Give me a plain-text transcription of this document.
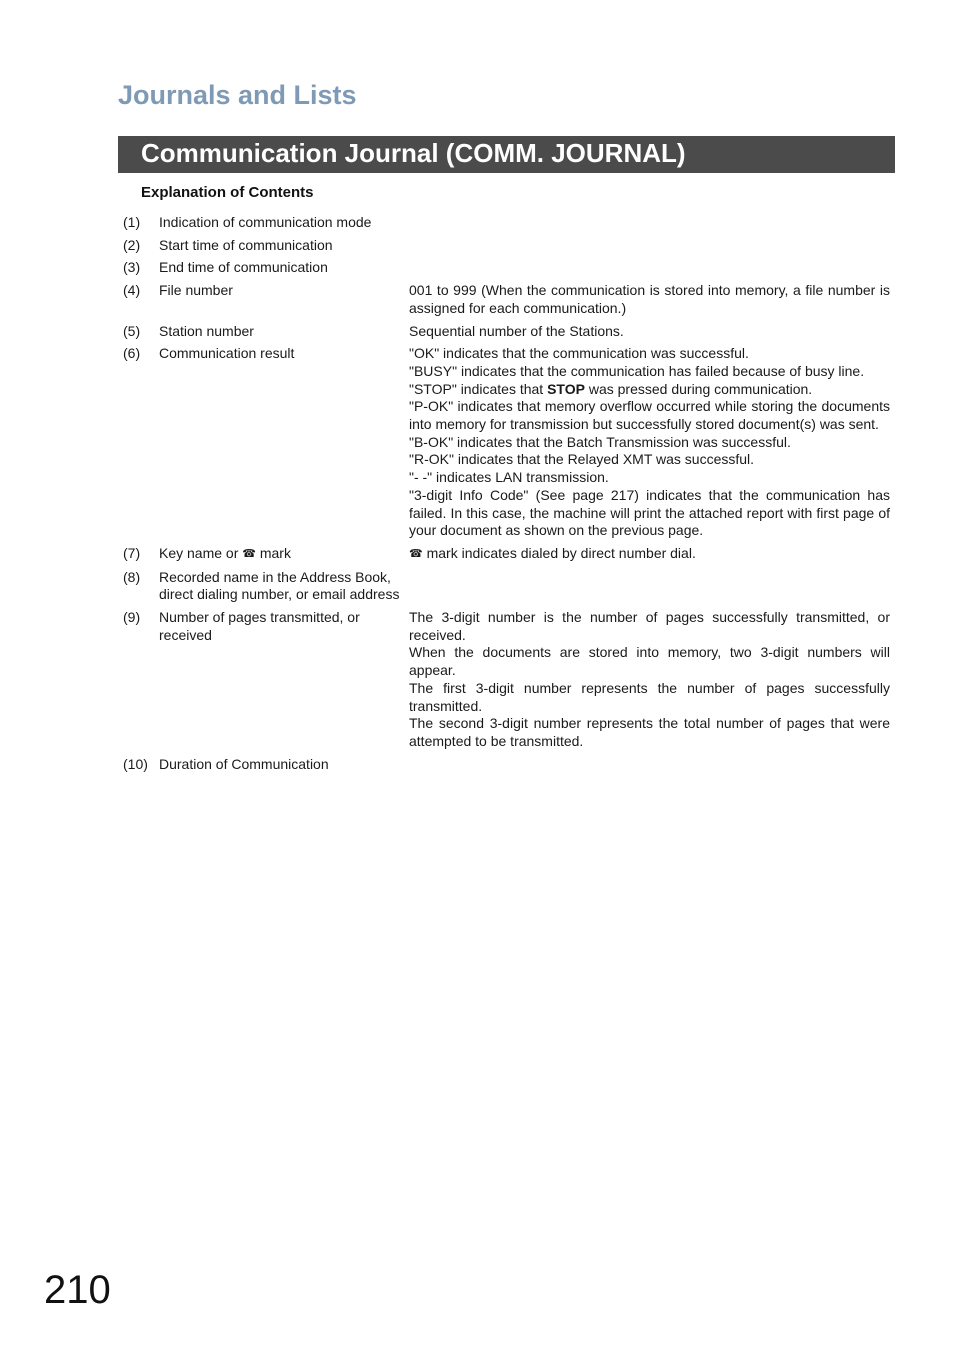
Journals and Lists
Communication Journal (COMM. JOURNAL)
Explanation of Contents
(1)	Indication of communication mode
(2)	Start time of communication
(3)	End time of communication
(4)	File number	001 to 999 (When the communication is stored into memory, a file number is assigned for each communication.)
(5)	Station number	Sequential number of the Stations.
(6)	Communication result	"OK" indicates that the communication was successful.

"BUSY" indicates that the communication has failed because of busy line.

"STOP" indicates that STOP was pressed during communication.

"P-OK" indicates that memory overflow occurred while storing the documents into memory for transmission but successfully stored document(s) was sent.

"B-OK" indicates that the Batch Transmission was successful.

"R-OK" indicates that the Relayed XMT was successful.

"- -" indicates LAN transmission.

"3-digit Info Code" (See page 217) indicates that the communication has failed. In this case, the machine will print the attached report with first page of your document as shown on the previous page.

(7)	Key name or ☎ mark	☎ mark indicates dialed by direct number dial.
(8)	Recorded name in the Address Book, direct dialing number, or email address
(9)	Number of pages transmitted, or received

The 3-digit number is the number of pages successfully transmitted, or received.

When the documents are stored into memory, two 3-digit numbers will appear.

The first 3-digit number represents the number of pages successfully transmitted.

The second 3-digit number represents the total number of pages that were attempted to be transmitted.

(10) Duration of Communication
210
